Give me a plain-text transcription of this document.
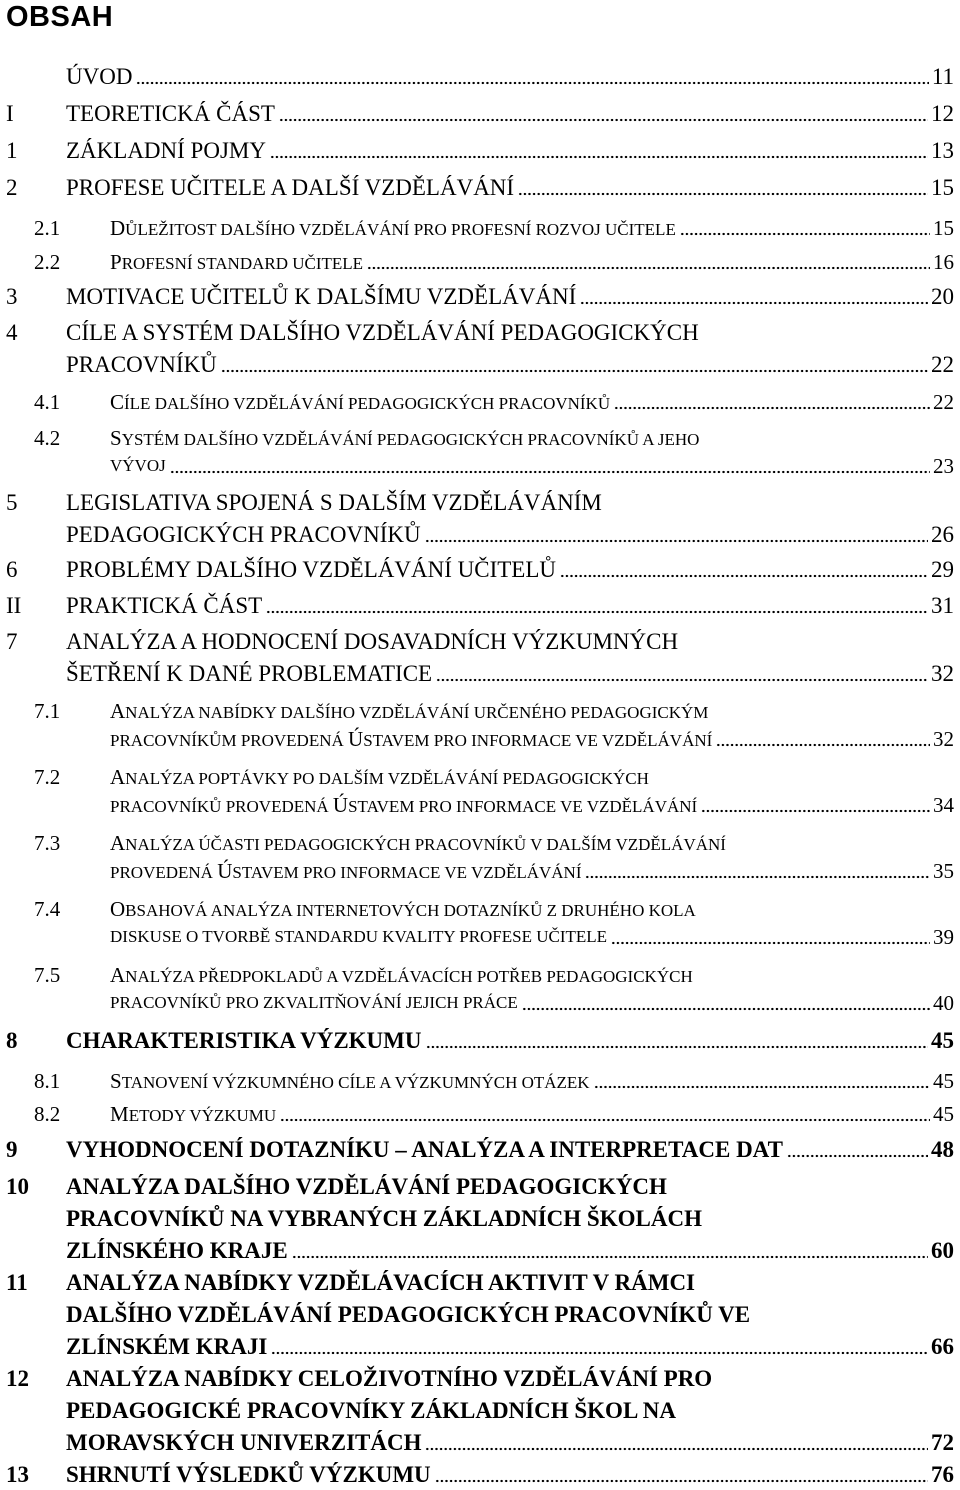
OBSAH
ÚVOD	11
I TEORETICKÁ ČÁST	12
1 ZÁKLADNÍ POJMY	13
2 PROFESE UČITELE A DALŠÍ VZDĚLÁVÁNÍ	15
2.1 DŮLEŽITOST DALŠÍHO VZDĚLÁVÁNÍ PRO PROFESNÍ ROZVOJ UČITELE	15
2.2 PROFESNÍ STANDARD UČITELE	16
3 MOTIVACE UČITELŮ K DALŠÍMU VZDĚLÁVÁNÍ	20
4 CÍLE A SYSTÉM DALŠÍHO VZDĚLÁVÁNÍ PEDAGOGICKÝCH
PRACOVNÍKŮ	22
4.1 CÍLE DALŠÍHO VZDĚLÁVÁNÍ PEDAGOGICKÝCH PRACOVNÍKŮ	22
4.2 SYSTÉM DALŠÍHO VZDĚLÁVÁNÍ PEDAGOGICKÝCH PRACOVNÍKŮ A JEHO
VÝVOJ	23
5 LEGISLATIVA SPOJENÁ S DALŠÍM VZDĚLÁVÁNÍM
PEDAGOGICKÝCH PRACOVNÍKŮ	26
6 PROBLÉMY DALŠÍHO VZDĚLÁVÁNÍ UČITELŮ	29
II PRAKTICKÁ ČÁST	31
7 ANALÝZA A HODNOCENÍ DOSAVADNÍCH VÝZKUMNÝCH
ŠETŘENÍ K DANÉ PROBLEMATICE	32
7.1 ANALÝZA NABÍDKY DALŠÍHO VZDĚLÁVÁNÍ URČENÉHO PEDAGOGICKÝM
PRACOVNÍKŮM PROVEDENÁ ÚSTAVEM PRO INFORMACE VE VZDĚLÁVÁNÍ	32
7.2 ANALÝZA POPTÁVKY PO DALŠÍM VZDĚLÁVÁNÍ PEDAGOGICKÝCH
PRACOVNÍKŮ PROVEDENÁ ÚSTAVEM PRO INFORMACE VE VZDĚLÁVÁNÍ	34
7.3 ANALÝZA ÚČASTI PEDAGOGICKÝCH PRACOVNÍKŮ V DALŠÍM VZDĚLÁVÁNÍ
PROVEDENÁ ÚSTAVEM PRO INFORMACE VE VZDĚLÁVÁNÍ	35
7.4 OBSAHOVÁ ANALÝZA INTERNETOVÝCH DOTAZNÍKŮ Z DRUHÉHO KOLA
DISKUSE O TVORBĚ STANDARDU KVALITY PROFESE UČITELE	39
7.5 ANALÝZA PŘEDPOKLADŮ A VZDĚLÁVACÍCH POTŘEB PEDAGOGICKÝCH
PRACOVNÍKŮ PRO ZKVALITŇOVÁNÍ JEJICH PRÁCE	40
8 CHARAKTERISTIKA VÝZKUMU	45
8.1 STANOVENÍ VÝZKUMNÉHO CÍLE A VÝZKUMNÝCH OTÁZEK	45
8.2 METODY VÝZKUMU	45
9 VYHODNOCENÍ DOTAZNÍKU – ANALÝZA A INTERPRETACE DAT	48
10 ANALÝZA DALŠÍHO VZDĚLÁVÁNÍ PEDAGOGICKÝCH
PRACOVNÍKŮ NA VYBRANÝCH ZÁKLADNÍCH ŠKOLÁCH
ZLÍNSKÉHO KRAJE	60
11 ANALÝZA NABÍDKY VZDĚLÁVACÍCH AKTIVIT V RÁMCI
DALŠÍHO VZDĚLÁVÁNÍ PEDAGOGICKÝCH PRACOVNÍKŮ VE
ZLÍNSKÉM KRAJI	66
12 ANALÝZA NABÍDKY CELOŽIVOTNÍHO VZDĚLÁVÁNÍ PRO
PEDAGOGICKÉ PRACOVNÍKY ZÁKLADNÍCH ŠKOL NA
MORAVSKÝCH UNIVERZITÁCH	72
13 SHRNUTÍ VÝSLEDKŮ VÝZKUMU	76
